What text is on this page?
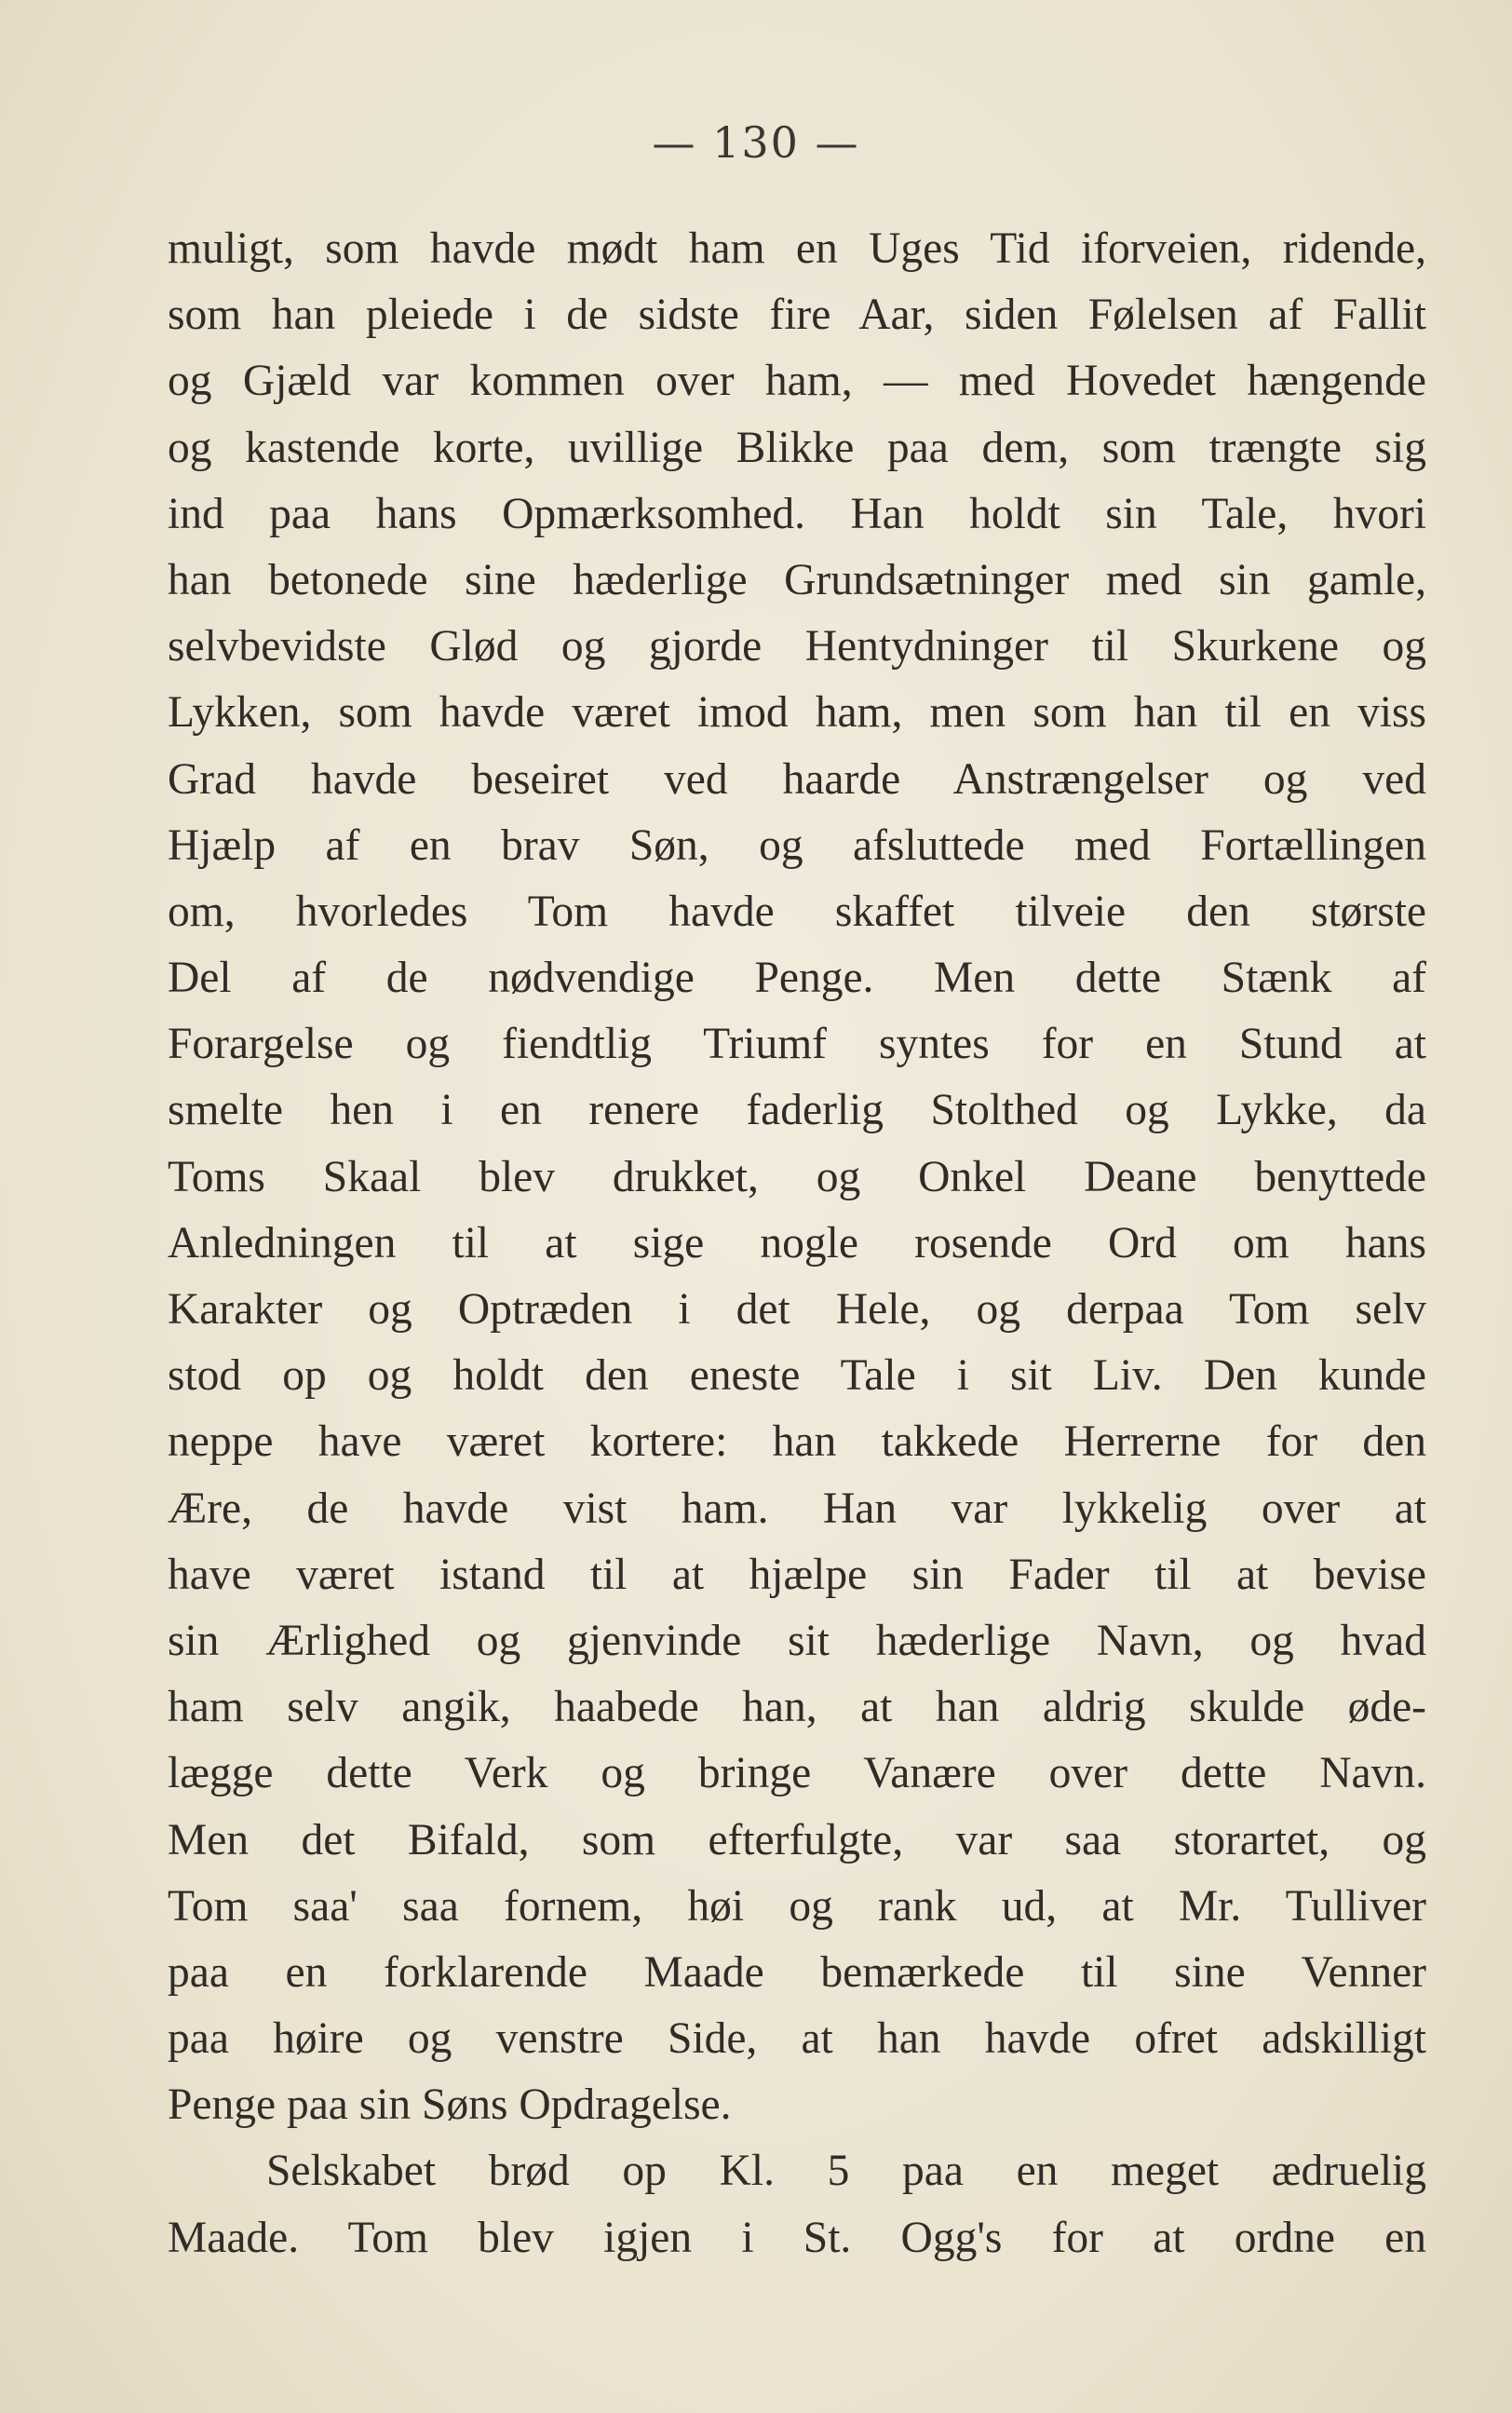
— 130 —
muligt, som havde mødt ham en Uges Tid iforveien, ridende,
som han pleiede i de sidste fire Aar, siden Følelsen af Fallit
og Gjæld var kommen over ham, — med Hovedet hængende
og kastende korte, uvillige Blikke paa dem, som trængte sig
ind paa hans Opmærksomhed. Han holdt sin Tale, hvori
han betonede sine hæderlige Grundsætninger med sin gamle,
selvbevidste Glød og gjorde Hentydninger til Skurkene og
Lykken, som havde været imod ham, men som han til en viss
Grad havde beseiret ved haarde Anstrængelser og ved
Hjælp af en brav Søn, og afsluttede med Fortællingen
om, hvorledes Tom havde skaffet tilveie den største
Del af de nødvendige Penge. Men dette Stænk af
Forargelse og fiendtlig Triumf syntes for en Stund at
smelte hen i en renere faderlig Stolthed og Lykke, da
Toms Skaal blev drukket, og Onkel Deane benyttede
Anledningen til at sige nogle rosende Ord om hans
Karakter og Optræden i det Hele, og derpaa Tom selv
stod op og holdt den eneste Tale i sit Liv. Den kunde
neppe have været kortere: han takkede Herrerne for den
Ære, de havde vist ham. Han var lykkelig over at
have været istand til at hjælpe sin Fader til at bevise
sin Ærlighed og gjenvinde sit hæderlige Navn, og hvad
ham selv angik, haabede han, at han aldrig skulde øde-
lægge dette Verk og bringe Vanære over dette Navn.
Men det Bifald, som efterfulgte, var saa storartet, og
Tom saa' saa fornem, høi og rank ud, at Mr. Tulliver
paa en forklarende Maade bemærkede til sine Venner
paa høire og venstre Side, at han havde ofret adskilligt
Penge paa sin Søns Opdragelse.
Selskabet brød op Kl. 5 paa en meget ædruelig
Maade. Tom blev igjen i St. Ogg's for at ordne en
